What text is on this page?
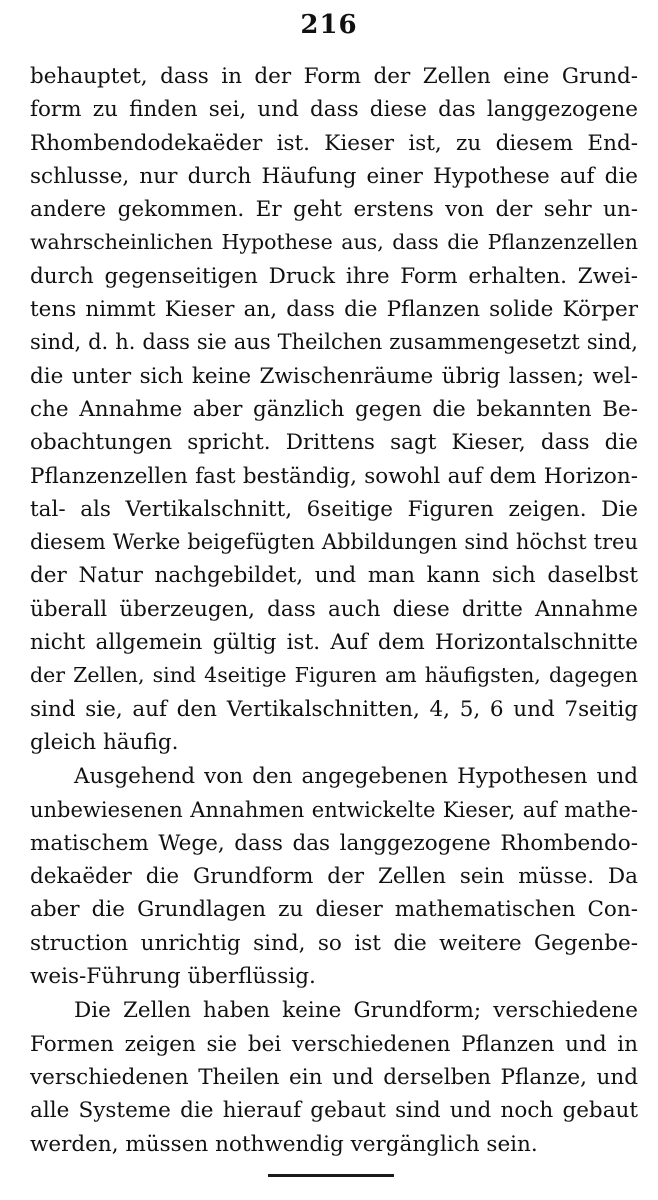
216
behauptet, dass in der Form der Zellen eine Grund-
form zu finden sei, und dass diese das langgezogene
Rhombendodekaëder ist. Kieser ist, zu diesem End-
schlusse, nur durch Häufung einer Hypothese auf die
andere gekommen. Er geht erstens von der sehr un-
wahrscheinlichen Hypothese aus, dass die Pflanzenzellen
durch gegenseitigen Druck ihre Form erhalten. Zwei-
tens nimmt Kieser an, dass die Pflanzen solide Körper
sind, d. h. dass sie aus Theilchen zusammengesetzt sind,
die unter sich keine Zwischenräume übrig lassen; wel-
che Annahme aber gänzlich gegen die bekannten Be-
obachtungen spricht. Drittens sagt Kieser, dass die
Pflanzenzellen fast beständig, sowohl auf dem Horizon-
tal- als Vertikalschnitt, 6seitige Figuren zeigen. Die
diesem Werke beigefügten Abbildungen sind höchst treu
der Natur nachgebildet, und man kann sich daselbst
überall überzeugen, dass auch diese dritte Annahme
nicht allgemein gültig ist. Auf dem Horizontalschnitte
der Zellen, sind 4seitige Figuren am häufigsten, dagegen
sind sie, auf den Vertikalschnitten, 4, 5, 6 und 7seitig
gleich häufig.
Ausgehend von den angegebenen Hypothesen und
unbewiesenen Annahmen entwickelte Kieser, auf mathe-
matischem Wege, dass das langgezogene Rhombendo-
dekaëder die Grundform der Zellen sein müsse. Da
aber die Grundlagen zu dieser mathematischen Con-
struction unrichtig sind, so ist die weitere Gegenbe-
weis-Führung überflüssig.
Die Zellen haben keine Grundform; verschiedene
Formen zeigen sie bei verschiedenen Pflanzen und in
verschiedenen Theilen ein und derselben Pflanze, und
alle Systeme die hierauf gebaut sind und noch gebaut
werden, müssen nothwendig vergänglich sein.
